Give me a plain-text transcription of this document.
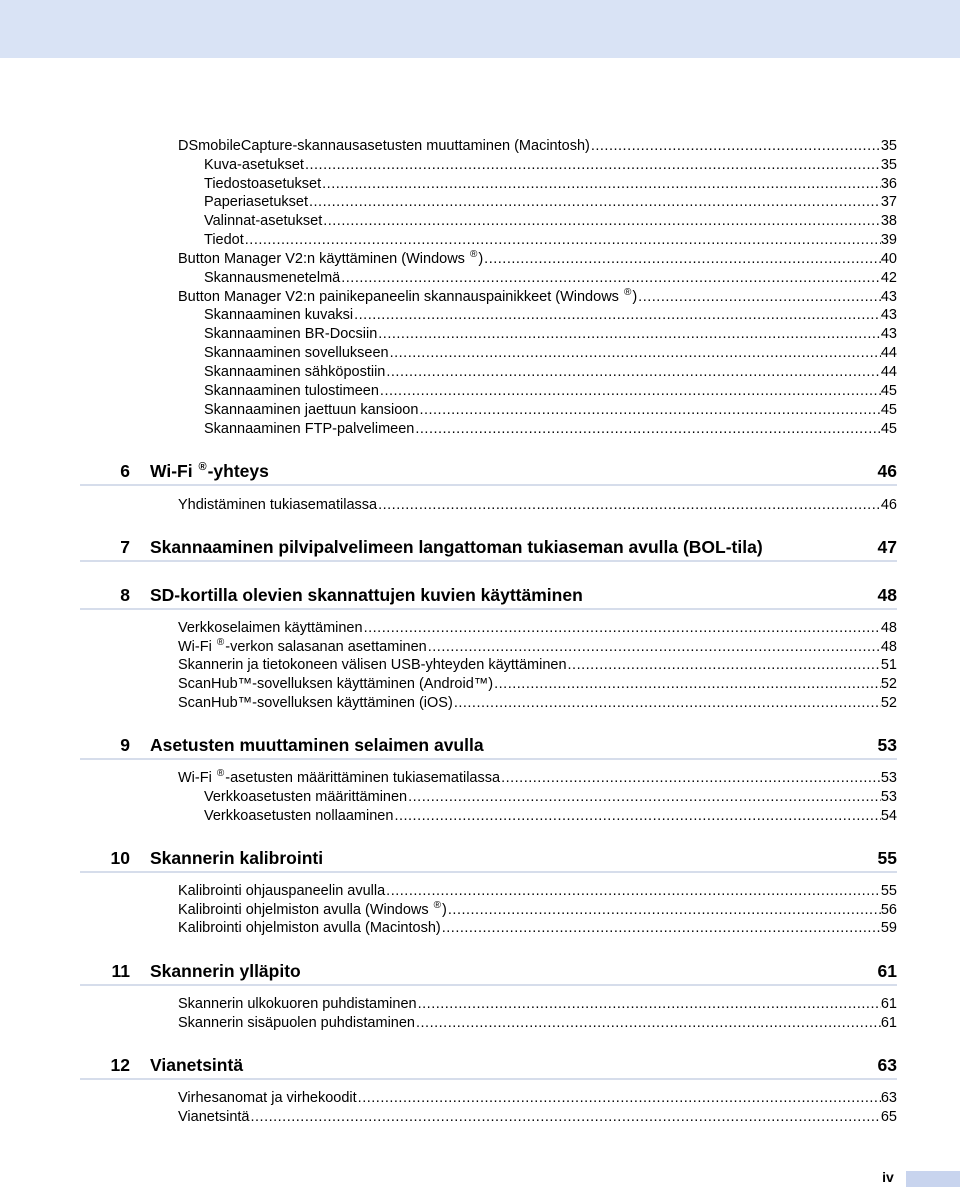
DSmobileCapture-skannausasetusten muuttaminen (Macintosh) .....	35
Kuva-asetukset .....	35
Tiedostoasetukset .....	36
Paperiasetukset .....	37
Valinnat-asetukset .....	38
Tiedot .....	39
Button Manager V2:n käyttäminen (Windows ®) .....	40
Skannausmenetelmä .....	42
Button Manager V2:n painikepaneelin skannauspainikkeet (Windows ®) .....	43
Skannaaminen kuvaksi .....	43
Skannaaminen BR-Docsiin .....	43
Skannaaminen sovellukseen .....	44
Skannaaminen sähköpostiin .....	44
Skannaaminen tulostimeen .....	45
Skannaaminen jaettuun kansioon .....	45
Skannaaminen FTP-palvelimeen .....	45
6 Wi-Fi ®-yhteys	46
Yhdistäminen tukiasematilassa .....	46
7 Skannaaminen pilvipalvelimeen langattoman tukiaseman avulla (BOL-tila)	47
8 SD-kortilla olevien skannattujen kuvien käyttäminen	48
Verkkoselaimen käyttäminen .....	48
Wi-Fi ®-verkon salasanan asettaminen .....	48
Skannerin ja tietokoneen välisen USB-yhteyden käyttäminen .....	51
ScanHub™-sovelluksen käyttäminen (Android™) .....	52
ScanHub™-sovelluksen käyttäminen (iOS) .....	52
9 Asetusten muuttaminen selaimen avulla	53
Wi-Fi ®-asetusten määrittäminen tukiasematilassa .....	53
Verkkoasetusten määrittäminen .....	53
Verkkoasetusten nollaaminen .....	54
10 Skannerin kalibrointi	55
Kalibrointi ohjauspaneelin avulla .....	55
Kalibrointi ohjelmiston avulla (Windows ®) .....	56
Kalibrointi ohjelmiston avulla (Macintosh) .....	59
11 Skannerin ylläpito	61
Skannerin ulkokuoren puhdistaminen .....	61
Skannerin sisäpuolen puhdistaminen .....	61
12 Vianetsintä	63
Virhesanomat ja virhekoodit .....	63
Vianetsintä .....	65
iv
